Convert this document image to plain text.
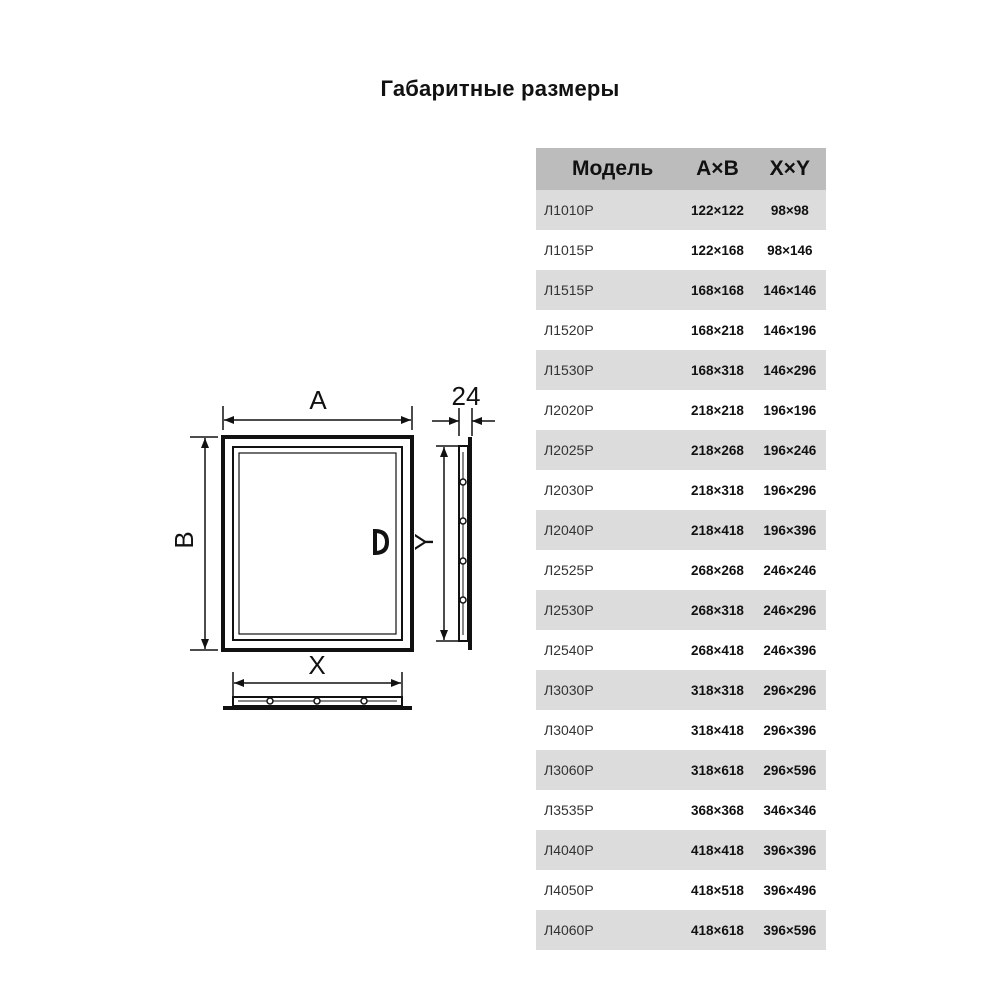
Габаритные размеры
A
B
24
Y
X
Модель	A×B	X×Y
Л1010Р	122×122	98×98
Л1015Р	122×168	98×146
Л1515Р	168×168	146×146
Л1520Р	168×218	146×196
Л1530Р	168×318	146×296
Л2020Р	218×218	196×196
Л2025Р	218×268	196×246
Л2030Р	218×318	196×296
Л2040Р	218×418	196×396
Л2525Р	268×268	246×246
Л2530Р	268×318	246×296
Л2540Р	268×418	246×396
Л3030Р	318×318	296×296
Л3040Р	318×418	296×396
Л3060Р	318×618	296×596
Л3535Р	368×368	346×346
Л4040Р	418×418	396×396
Л4050Р	418×518	396×496
Л4060Р	418×618	396×596
